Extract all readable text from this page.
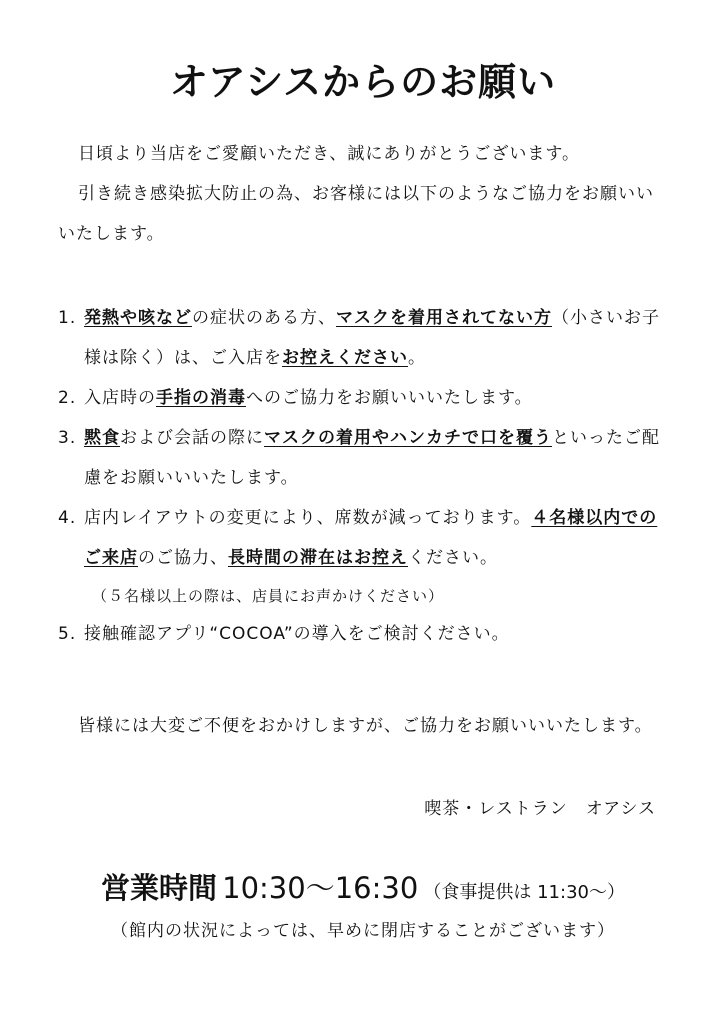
オアシスからのお願い
日頃より当店をご愛顧いただき、誠にありがとうございます。
引き続き感染拡大防止の為、お客様には以下のようなご協力をお願いいいたします。
1. 発熱や咳などの症状のある方、マスクを着用されてない方（小さいお子様は除く）は、ご入店をお控えください。
2. 入店時の手指の消毒へのご協力をお願いいいたします。
3. 黙食および会話の際にマスクの着用やハンカチで口を覆うといったご配慮をお願いいいたします。
4. 店内レイアウトの変更により、席数が減っております。４名様以内でのご来店のご協力、長時間の滞在はお控えください。
（５名様以上の際は、店員にお声かけください）
5. 接触確認アプリ“COCOA”の導入をご検討ください。
皆様には大変ご不便をおかけしますが、ご協力をお願いいいたします。
喫茶・レストラン　オアシス
営業時間 10:30～16:30 （食事提供は 11:30～）
（館内の状況によっては、早めに閉店することがございます）
